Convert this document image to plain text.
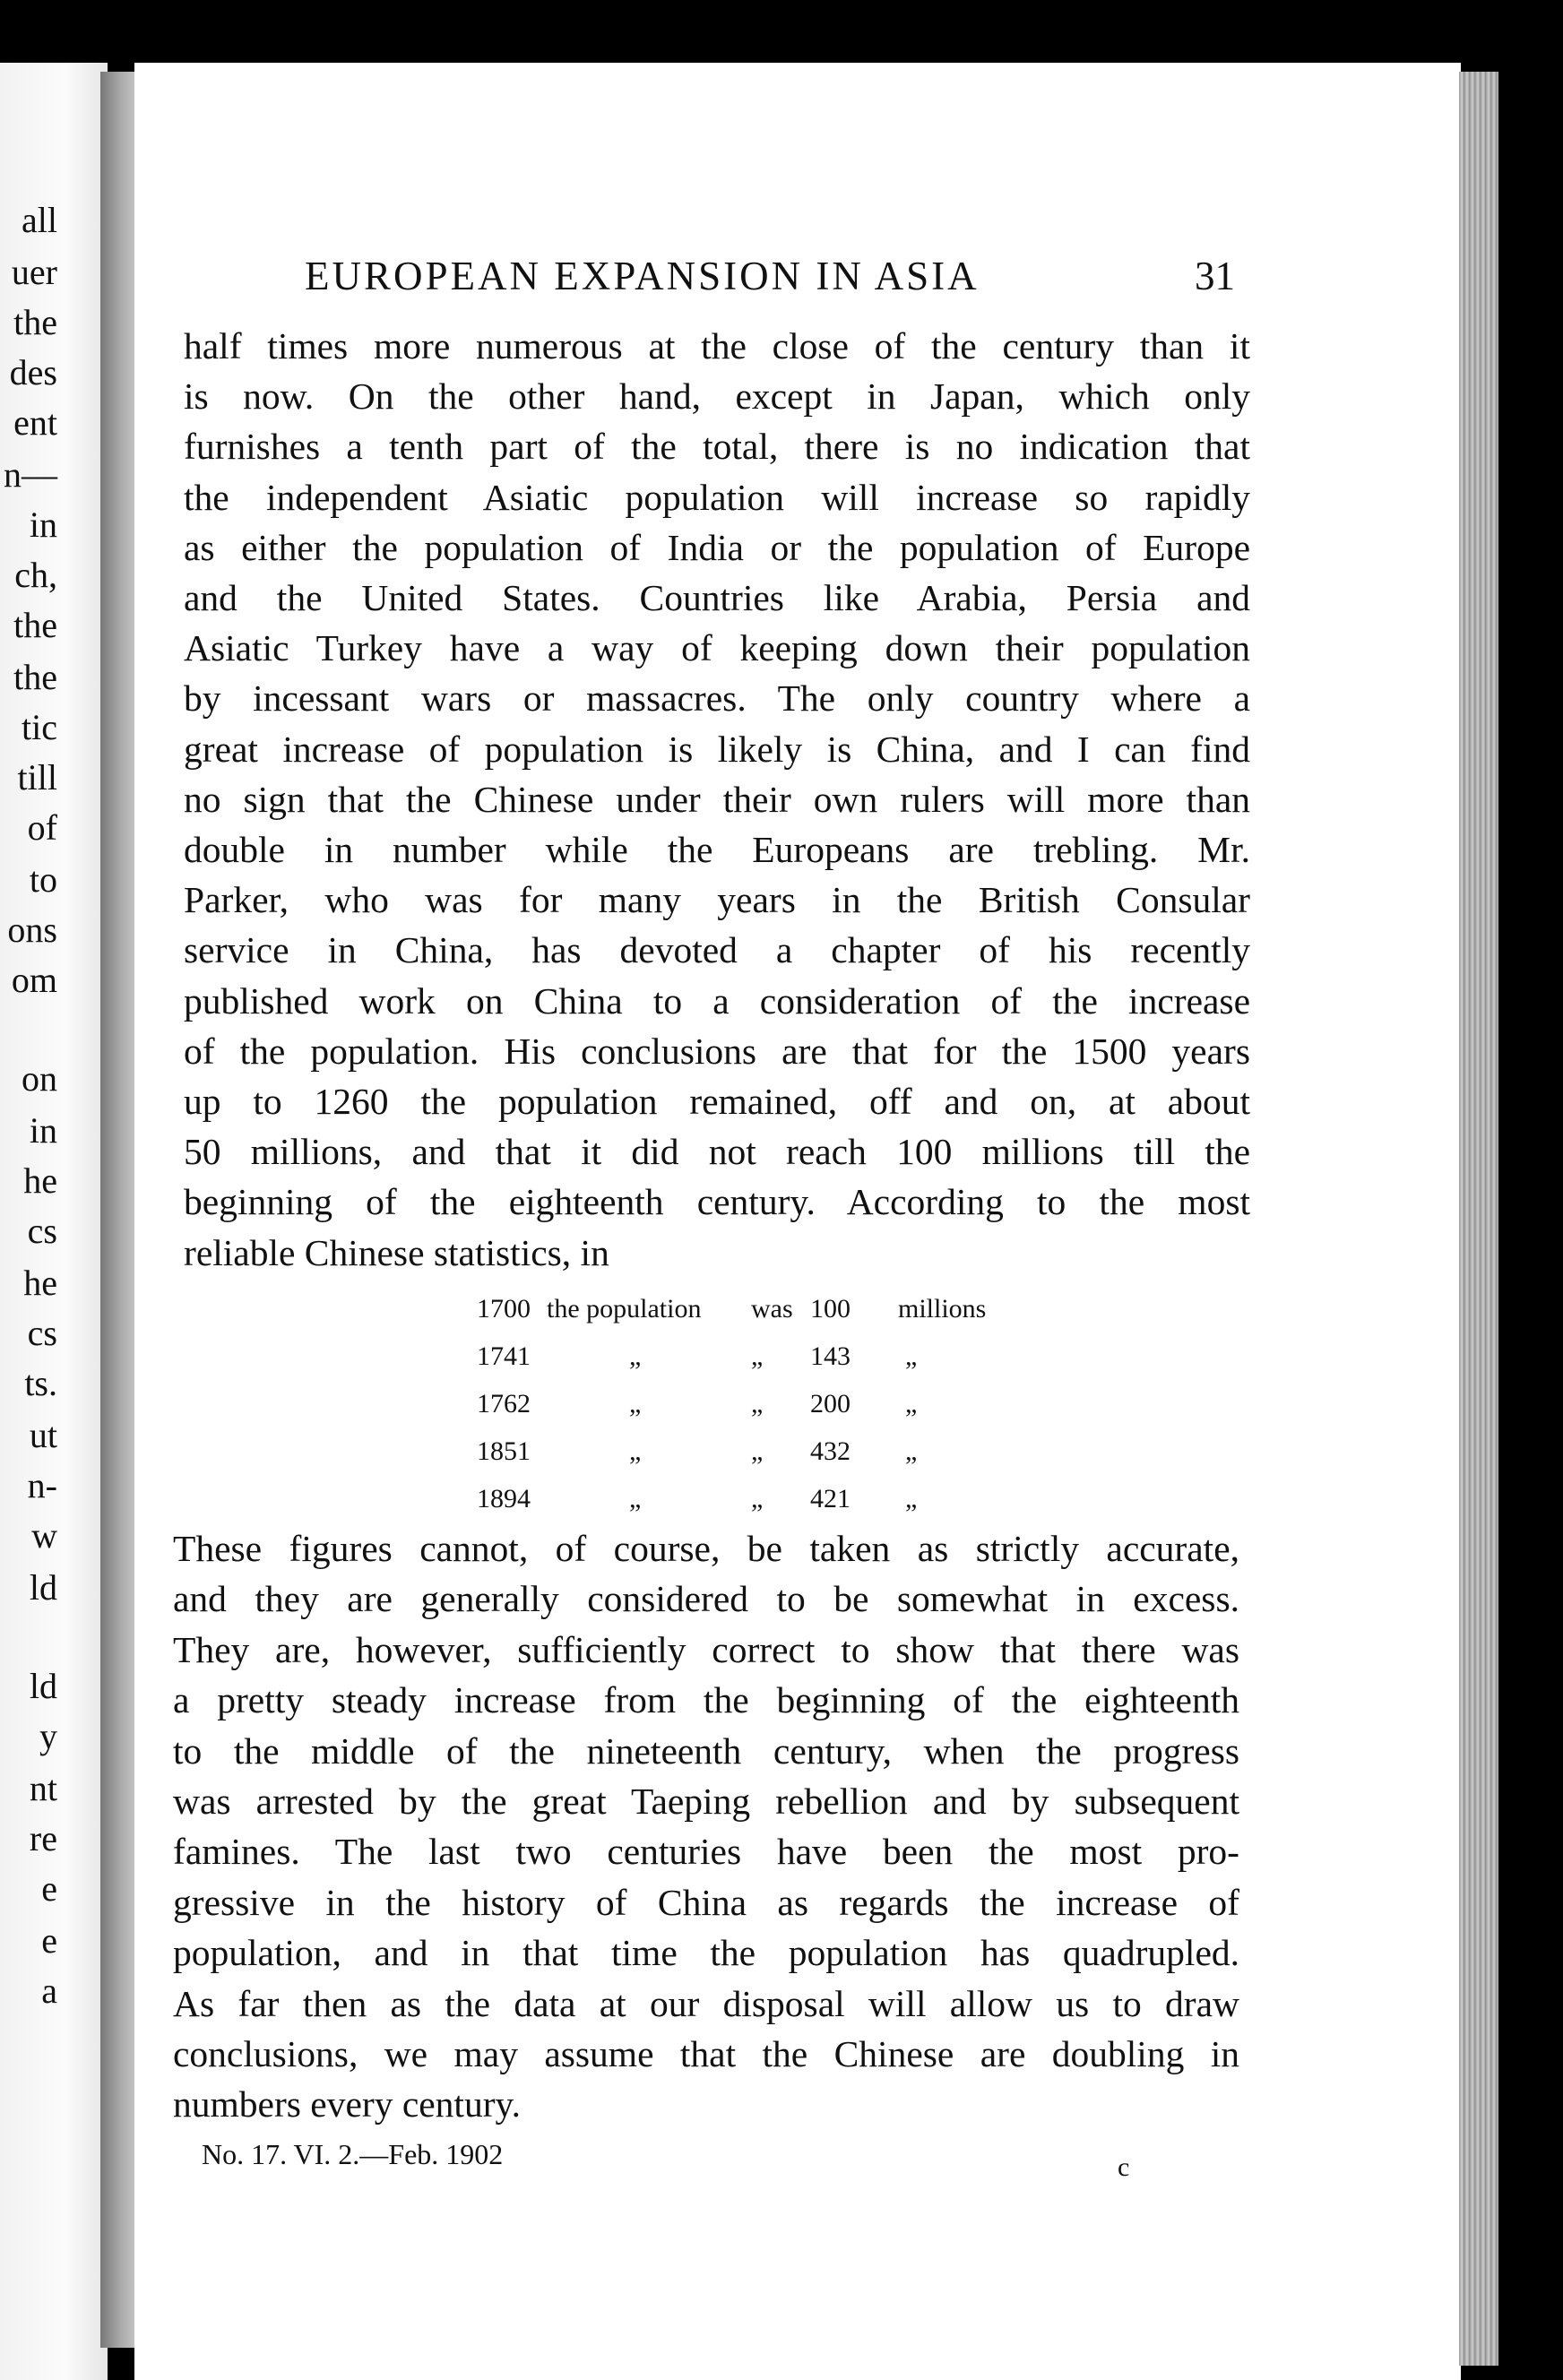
all
uer
the
des
ent
n—
in
ch,
the
the
tic
till
of
to
ons
om
on
in
he
cs
he
cs
ts.
ut
n-
w
ld
ld
y
nt
re
e
e
a
EUROPEAN EXPANSION IN ASIA	31
half times more numerous at the close of the century than it
is now. On the other hand, except in Japan, which only
furnishes a tenth part of the total, there is no indication that
the independent Asiatic population will increase so rapidly
as either the population of India or the population of Europe
and the United States. Countries like Arabia, Persia and
Asiatic Turkey have a way of keeping down their population
by incessant wars or massacres. The only country where a
great increase of population is likely is China, and I can find
no sign that the Chinese under their own rulers will more than
double in number while the Europeans are trebling. Mr.
Parker, who was for many years in the British Consular
service in China, has devoted a chapter of his recently
published work on China to a consideration of the increase
of the population. His conclusions are that for the 1500 years
up to 1260 the population remained, off and on, at about
50 millions, and that it did not reach 100 millions till the
beginning of the eighteenth century. According to the most
reliable Chinese statistics, in
1700 the population was 100 millions
1741	„	„ 143 „
1762	„	„ 200 „
1851	„	„ 432 „
1894	„	„ 421 „
These figures cannot, of course, be taken as strictly accurate,
and they are generally considered to be somewhat in excess.
They are, however, sufficiently correct to show that there was
a pretty steady increase from the beginning of the eighteenth
to the middle of the nineteenth century, when the progress
was arrested by the great Taeping rebellion and by subsequent
famines. The last two centuries have been the most pro-
gressive in the history of China as regards the increase of
population, and in that time the population has quadrupled.
As far then as the data at our disposal will allow us to draw
conclusions, we may assume that the Chinese are doubling in
numbers every century.
No. 17. VI. 2.—Feb. 1902	c
